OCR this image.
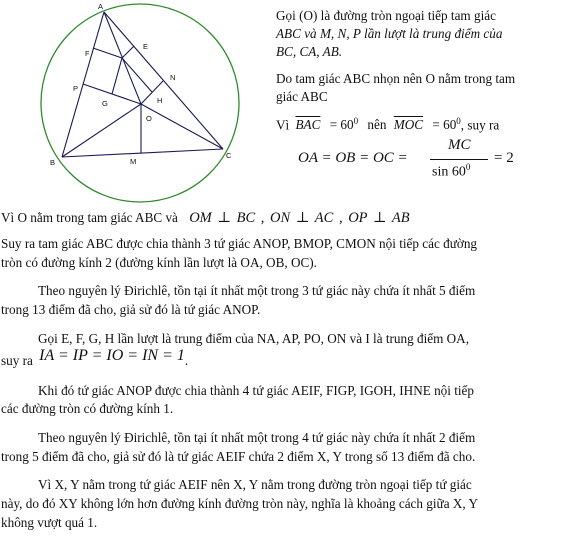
A
B
C
E
F
G	H
M
N
O
P

Gọi (O) là đường tròn ngoại tiếp tam giác

ABC và M, N, P lần lượt là trung điểm của

BC, CA, AB.

Do tam giác ABC nhọn nên O nằm trong tam

giác ABC

Vì $\overline{BAC} = 60^0$ nên $\overline{MOC} = 60^0$, suy ra
OA = OB = OC =
MC
$\sin 60^0$
= 2
Vì O nằm trong tam giác ABC và OM ⊥ BC , ON ⊥ AC , OP ⊥ AB

Suy ra tam giác ABC được chia thành 3 tứ giác ANOP, BMOP, CMON nội tiếp các đường

tròn có đường kính 2 (đường kính lần lượt là OA, OB, OC).

Theo nguyên lý Đirichlê, tồn tại ít nhất một trong 3 tứ giác này chứa ít nhất 5 điểm

trong 13 điểm đã cho, giả sử đó là tứ giác ANOP.

Gọi E, F, G, H lần lượt là trung điểm của NA, AP, PO, ON và I là trung điểm OA,

suy ra IA = IP = IO = IN = 1.

Khi đó tứ giác ANOP được chia thành 4 tứ giác AEIF, FIGP, IGOH, IHNE nội tiếp

các đường tròn có đường kính 1.

Theo nguyên lý Đirichlê, tồn tại ít nhất một trong 4 tứ giác này chứa ít nhất 2 điểm

trong 5 điểm đã cho, giả sử đó là tứ giác AEIF chứa 2 điểm X, Y trong số 13 điểm đã cho.

Vì X, Y nằm trong tứ giác AEIF nên X, Y nằm trong đường tròn ngoại tiếp tứ giác

này, do đó XY không lớn hơn đường kính đường tròn này, nghĩa là khoảng cách giữa X, Y

không vượt quá 1.
